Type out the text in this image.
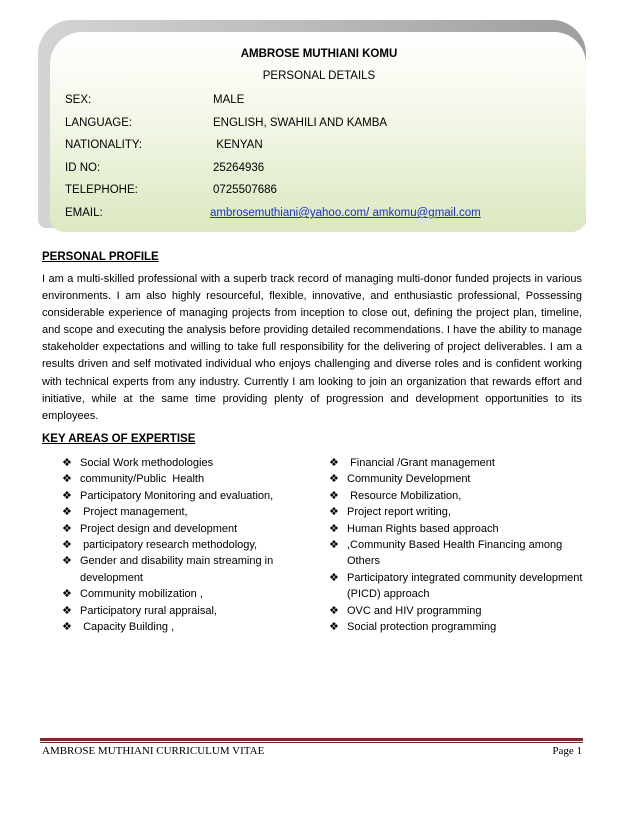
AMBROSE MUTHIANI KOMU
PERSONAL DETAILS
SEX:	MALE
LANGUAGE:	ENGLISH, SWAHILI AND KAMBA
NATIONALITY:	KENYAN
ID NO:	25264936
TELEPHOHE:	0725507686
EMAIL:	ambrosemuthiani@yahoo.com/ amkomu@gmail.com
PERSONAL PROFILE
I am a multi-skilled professional with a superb track record of managing multi-donor funded projects in various environments. I am also highly resourceful, flexible, innovative, and enthusiastic professional, Possessing considerable experience of managing projects from inception to close out, defining the project plan, timeline, and scope and executing the analysis before providing detailed recommendations. I have the ability to manage stakeholder expectations and willing to take full responsibility for the delivering of project deliverables. I am a results driven and self motivated individual who enjoys challenging and diverse roles and is confident working with technical experts from any industry. Currently I am looking to join an organization that rewards effort and initiative, while at the same time providing plenty of progression and development opportunities to its employees.
KEY AREAS OF EXPERTISE
❖ Social Work methodologies
❖ community/Public  Health
❖ Participatory Monitoring and evaluation,
❖ Project management,
❖ Project design and development
❖ participatory research methodology,
❖ Gender and disability main streaming in development
❖ Community mobilization ,
❖ Participatory rural appraisal,
❖ Capacity Building ,
❖ Financial /Grant management
❖ Community Development
❖ Resource Mobilization,
❖ Project report writing,
❖ Human Rights based approach
❖ ,Community Based Health Financing among Others
❖ Participatory integrated community development (PICD) approach
❖ OVC and HIV programming
❖ Social protection programming
AMBROSE MUTHIANI CURRICULUM VITAE	Page 1
